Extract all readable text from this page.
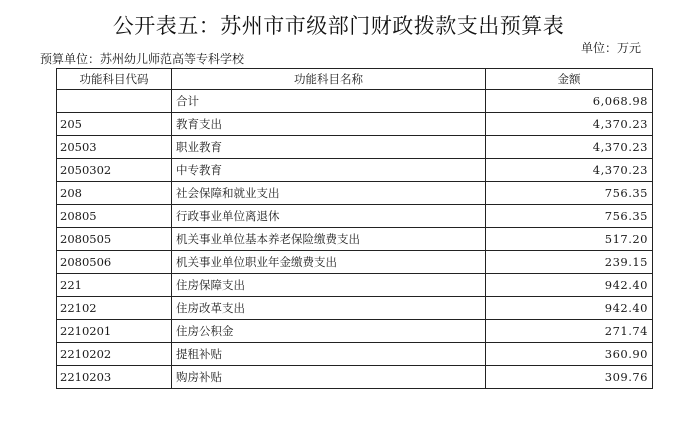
公开表五：苏州市市级部门财政拨款支出预算表
单位：万元
预算单位：苏州幼儿师范高等专科学校
功能科目代码	功能科目名称	金额
	合计	6,068.98
205	教育支出	4,370.23
20503	职业教育	4,370.23
2050302	中专教育	4,370.23
208	社会保障和就业支出	756.35
20805	行政事业单位离退休	756.35
2080505	机关事业单位基本养老保险缴费支出	517.20
2080506	机关事业单位职业年金缴费支出	239.15
221	住房保障支出	942.40
22102	住房改革支出	942.40
2210201	住房公积金	271.74
2210202	提租补贴	360.90
2210203	购房补贴	309.76
